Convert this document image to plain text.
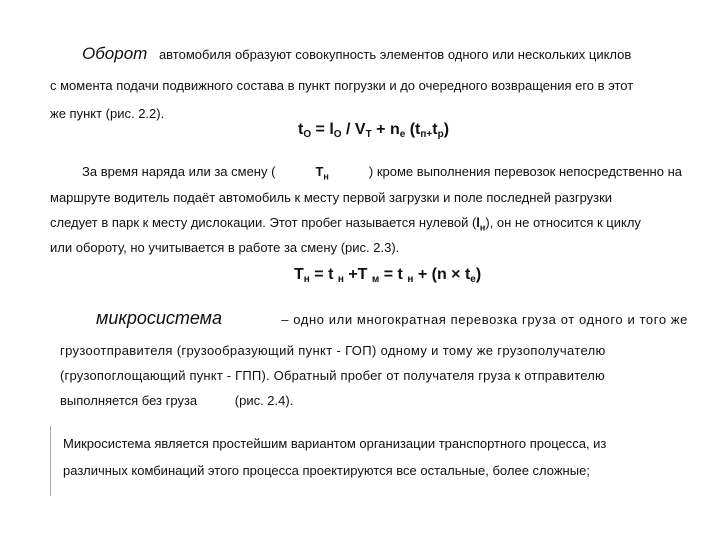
Оборот автомобиля образуют совокупность элементов одного или нескольких циклов
с момента подачи подвижного состава в пункт погрузки и до очередного возвращения его в этот
же пункт (рис. 2.2).
$t_O = l_O / V_T + n_e$ $(t_{п+}t_р)$
За время наряда или за смену (	$Т_н$	) кроме выполнения перевозок непосредственно на
маршруте водитель подаёт автомобиль к месту первой загрузки и поле последней разгрузки
следует в парк к месту дислокации. Этот пробег называется нулевой $(l_н)$, он не относится к циклу
или обороту, но учитывается в работе за смену (рис. 2.3).
$Т_н = t$ $_н$ +Т $_м$ = t $_н + (n \times t_е)$
микросистема	– одно или многократная перевозка груза от одного и того же
грузоотправителя (грузообразующий пункт - ГОП) одному и тому же грузополучателю
(грузопоглощающий пункт - ГПП). Обратный пробег от получателя груза к отправителю
выполняется без груза	(рис. 2.4).
Микросистема является простейшим вариантом организации транспортного процесса, из
различных комбинаций этого процесса проектируются все остальные, более сложные;
